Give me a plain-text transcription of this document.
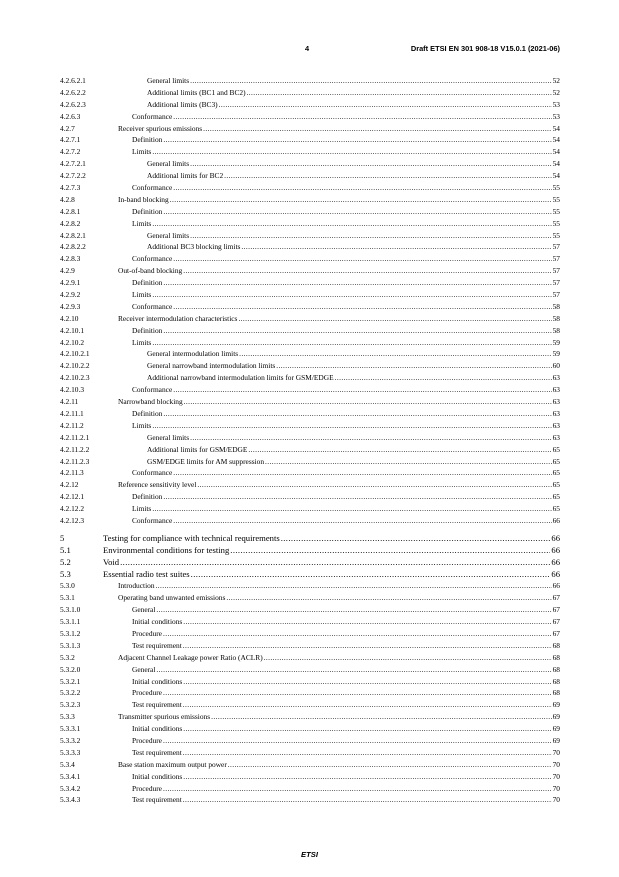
4	Draft ETSI EN 301 908-18 V15.0.1 (2021-06)
4.2.6.2.1	General limits .....	52
4.2.6.2.2	Additional limits (BC1 and BC2) .....	52
4.2.6.2.3	Additional limits (BC3) .....	53
4.2.6.3	Conformance .....	53
4.2.7	Receiver spurious emissions .....	54
4.2.7.1	Definition .....	54
4.2.7.2	Limits .....	54
4.2.7.2.1	General limits .....	54
4.2.7.2.2	Additional limits for BC2 .....	54
4.2.7.3	Conformance .....	55
4.2.8	In-band blocking .....	55
4.2.8.1	Definition .....	55
4.2.8.2	Limits .....	55
4.2.8.2.1	General limits .....	55
4.2.8.2.2	Additional BC3 blocking limits .....	57
4.2.8.3	Conformance .....	57
4.2.9	Out-of-band blocking .....	57
4.2.9.1	Definition .....	57
4.2.9.2	Limits .....	57
4.2.9.3	Conformance .....	58
4.2.10	Receiver intermodulation characteristics .....	58
4.2.10.1	Definition .....	58
4.2.10.2	Limits .....	59
4.2.10.2.1	General intermodulation limits .....	59
4.2.10.2.2	General narrowband intermodulation limits .....	60
4.2.10.2.3	Additional narrowband intermodulation limits for GSM/EDGE .....	63
4.2.10.3	Conformance .....	63
4.2.11	Narrowband blocking .....	63
4.2.11.1	Definition .....	63
4.2.11.2	Limits .....	63
4.2.11.2.1	General limits .....	63
4.2.11.2.2	Additional limits for GSM/EDGE .....	65
4.2.11.2.3	GSM/EDGE limits for AM suppression .....	65
4.2.11.3	Conformance .....	65
4.2.12	Reference sensitivity level .....	65
4.2.12.1	Definition .....	65
4.2.12.2	Limits .....	65
4.2.12.3	Conformance .....	66
5	Testing for compliance with technical requirements .....	66
5.1	Environmental conditions for testing .....	66
5.2	Void .....	66
5.3	Essential radio test suites .....	66
5.3.0	Introduction .....	66
5.3.1	Operating band unwanted emissions .....	67
5.3.1.0	General .....	67
5.3.1.1	Initial conditions .....	67
5.3.1.2	Procedure .....	67
5.3.1.3	Test requirement .....	68
5.3.2	Adjacent Channel Leakage power Ratio (ACLR) .....	68
5.3.2.0	General .....	68
5.3.2.1	Initial conditions .....	68
5.3.2.2	Procedure .....	68
5.3.2.3	Test requirement .....	69
5.3.3	Transmitter spurious emissions .....	69
5.3.3.1	Initial conditions .....	69
5.3.3.2	Procedure .....	69
5.3.3.3	Test requirement .....	70
5.3.4	Base station maximum output power .....	70
5.3.4.1	Initial conditions .....	70
5.3.4.2	Procedure .....	70
5.3.4.3	Test requirement .....	70
ETSI
